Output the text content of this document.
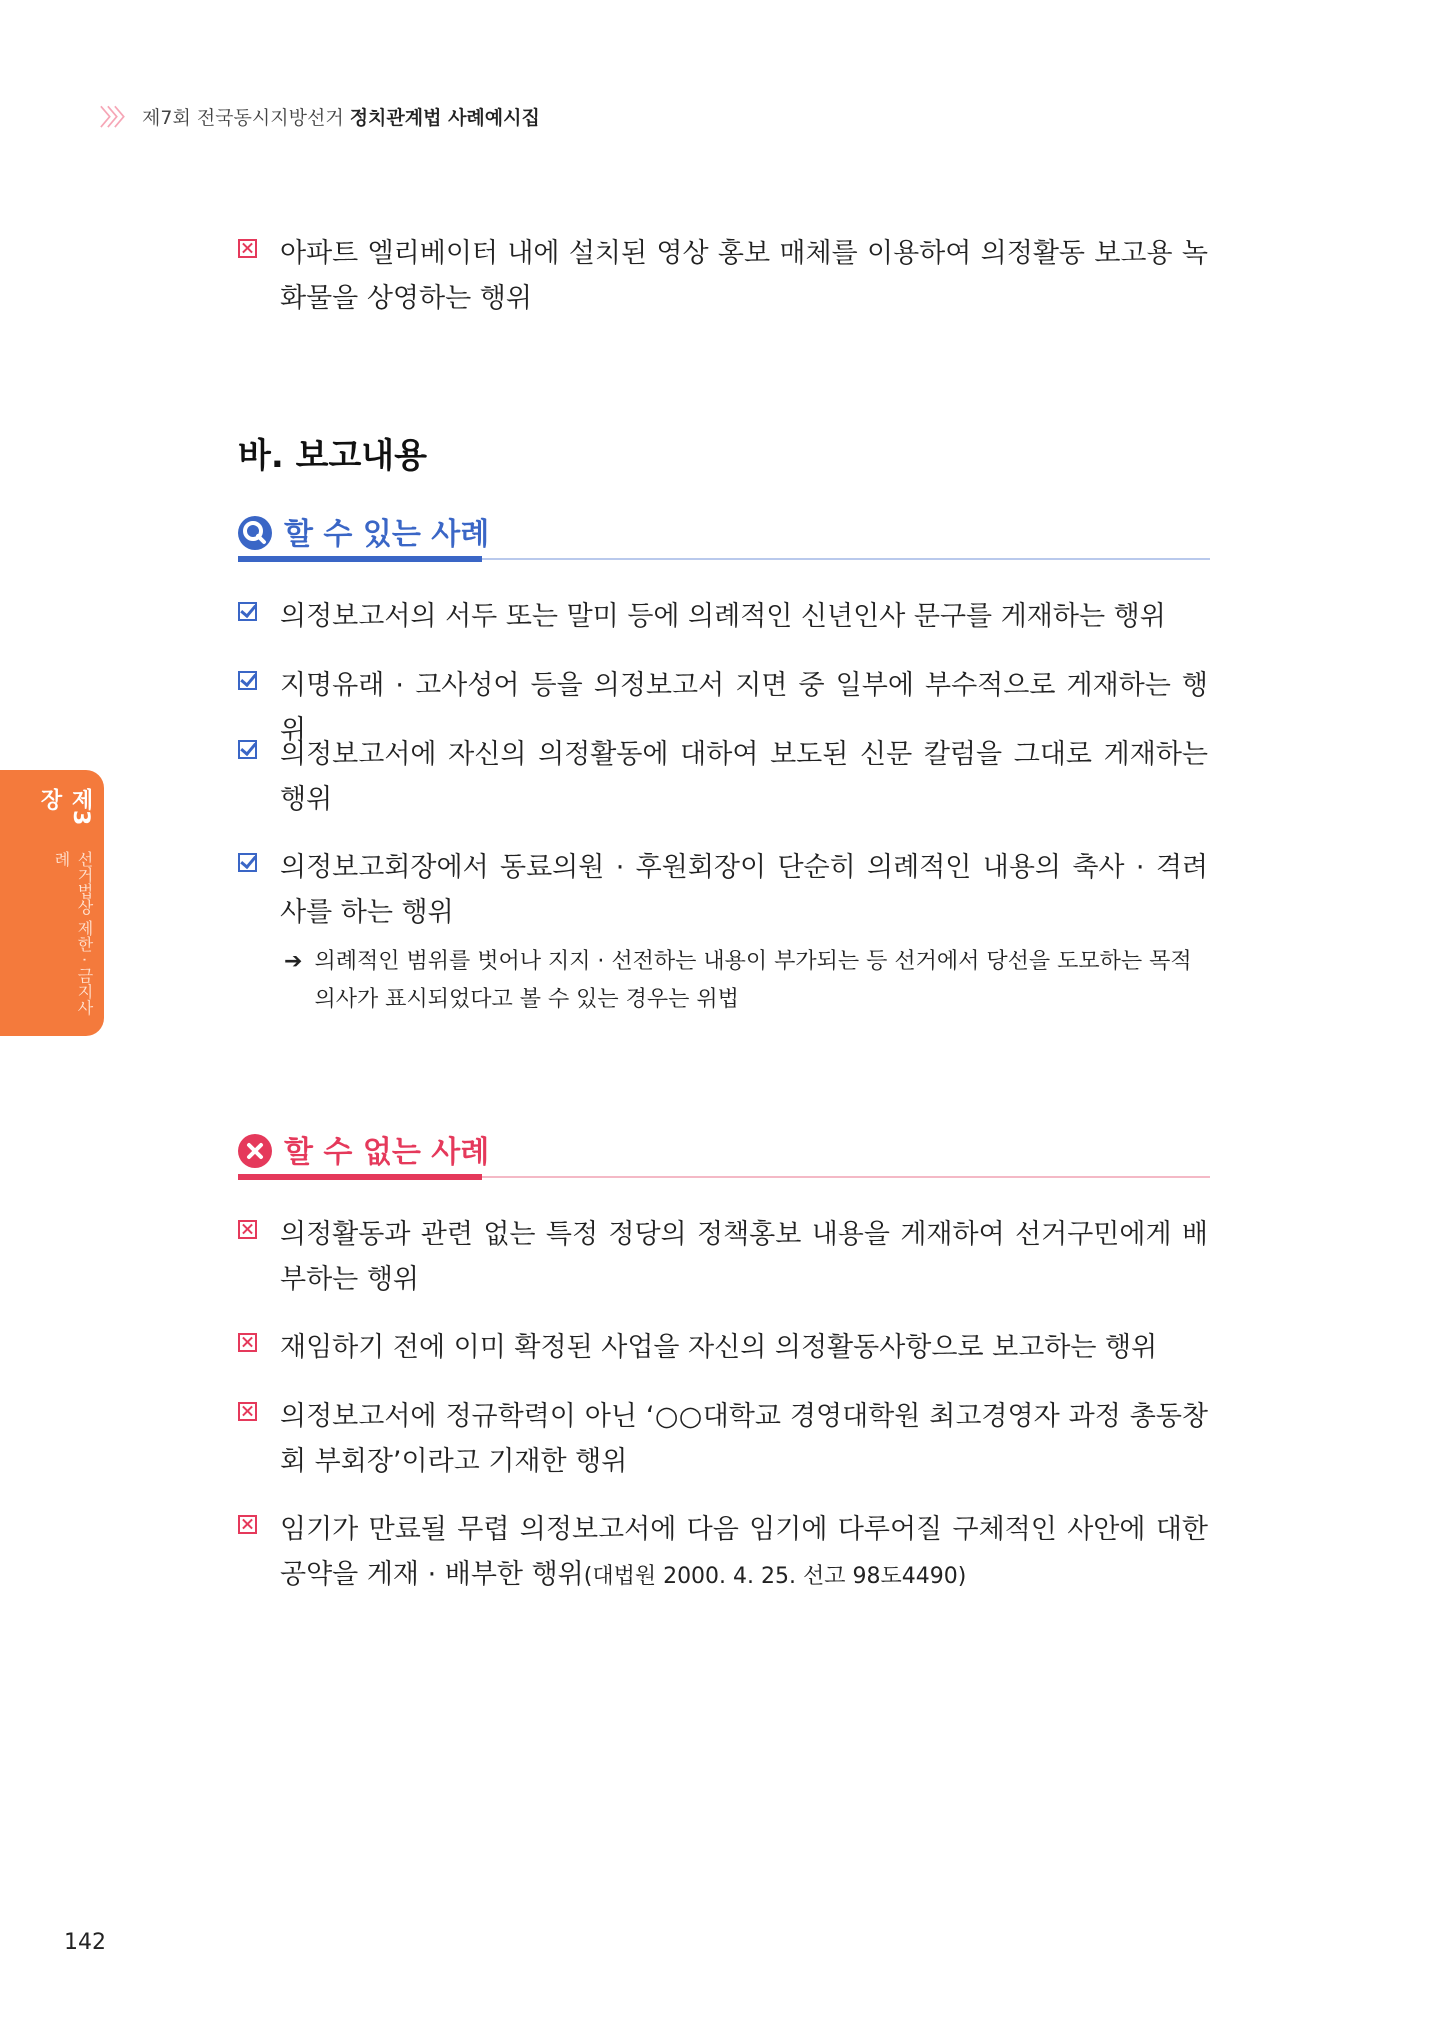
〉〉〉 제7회 전국동시지방선거 정치관계법 사례예시집
아파트 엘리베이터 내에 설치된 영상 홍보 매체를 이용하여 의정활동 보고용 녹화물을 상영하는 행위
바. 보고내용
할 수 있는 사례
의정보고서의 서두 또는 말미 등에 의례적인 신년인사 문구를 게재하는 행위
지명유래 · 고사성어 등을 의정보고서 지면 중 일부에 부수적으로 게재하는 행위
의정보고서에 자신의 의정활동에 대하여 보도된 신문 칼럼을 그대로 게재하는 행위
의정보고회장에서 동료의원 · 후원회장이 단순히 의례적인 내용의 축사 · 격려사를 하는 행위
➔ 의례적인 범위를 벗어나 지지 · 선전하는 내용이 부가되는 등 선거에서 당선을 도모하는 목적의사가 표시되었다고 볼 수 있는 경우는 위법
할 수 없는 사례
의정활동과 관련 없는 특정 정당의 정책홍보 내용을 게재하여 선거구민에게 배부하는 행위
재임하기 전에 이미 확정된 사업을 자신의 의정활동사항으로 보고하는 행위
의정보고서에 정규학력이 아닌 ‘○○대학교 경영대학원 최고경영자 과정 총동창회 부회장’이라고 기재한 행위
임기가 만료될 무렵 의정보고서에 다음 임기에 다루어질 구체적인 사안에 대한 공약을 게재 · 배부한 행위(대법원 2000. 4. 25. 선고 98도4490)
제3장
선거법상 제한 · 금지사례
142
